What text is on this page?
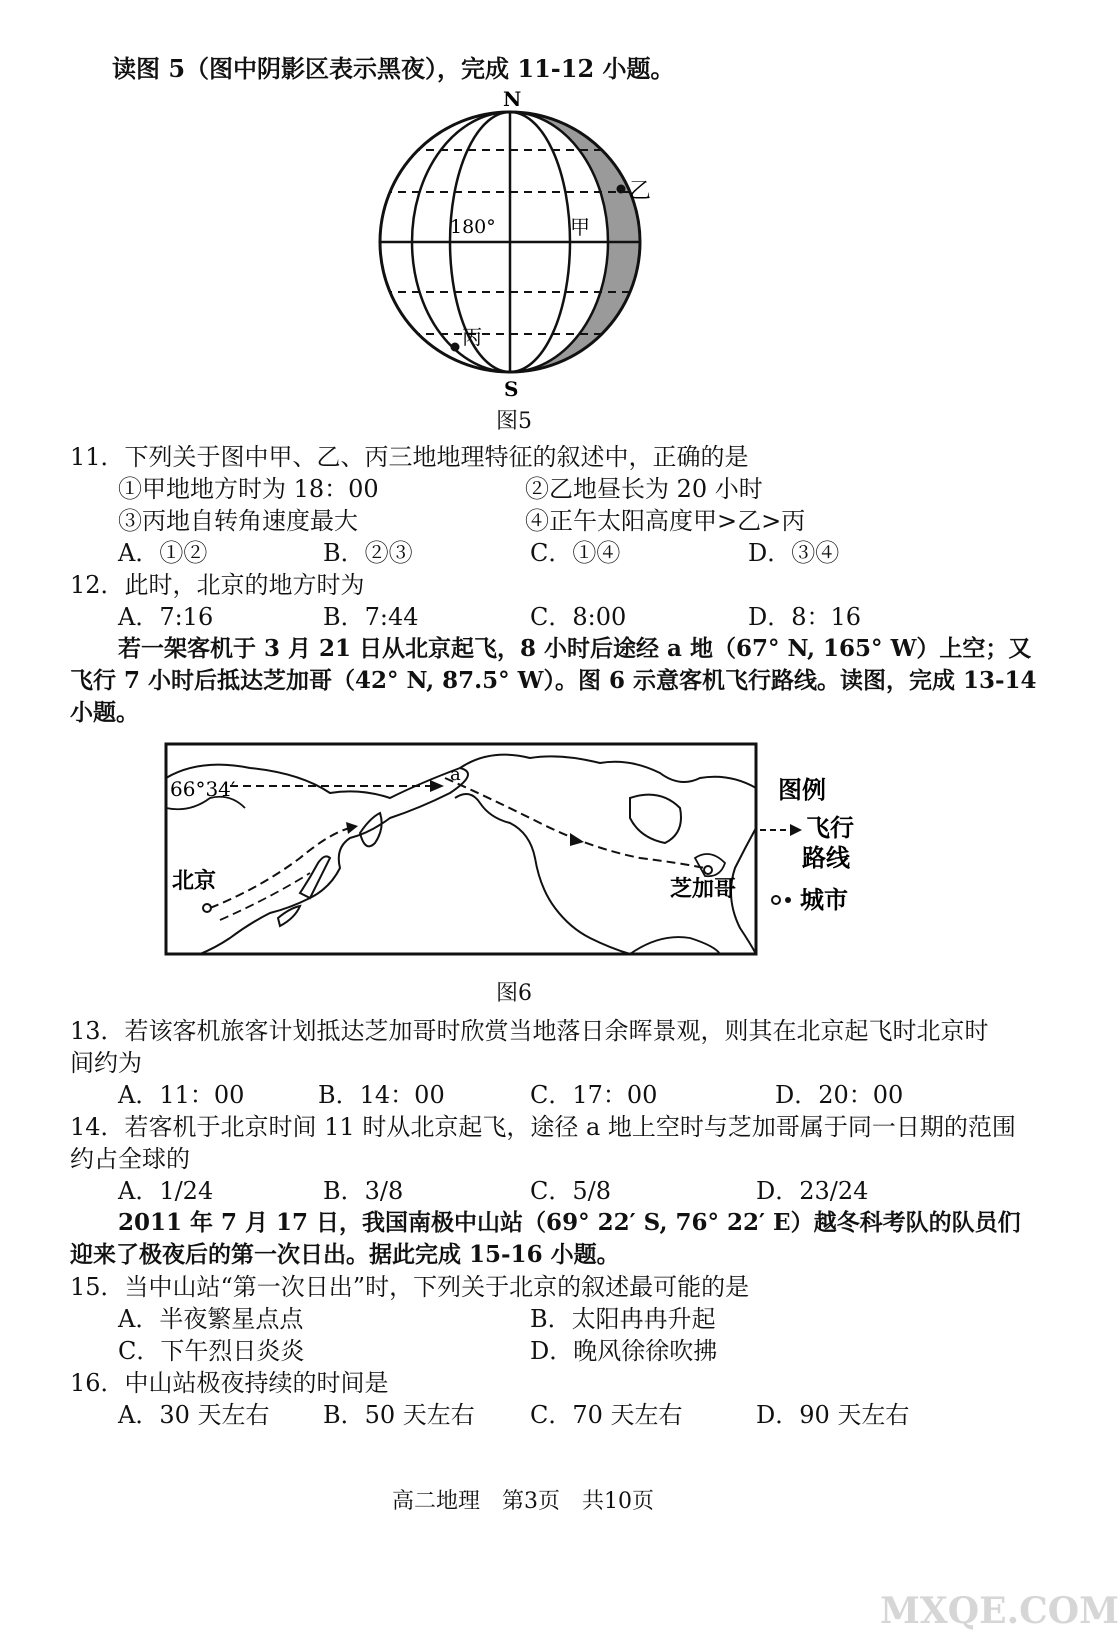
读图 5（图中阴影区表示黑夜），完成 11-12 小题。
N
S
180°	甲
乙
丙
图5
11．下列关于图中甲、乙、丙三地地理特征的叙述中，正确的是
①甲地地方时为 18：00	②乙地昼长为 20 小时
③丙地自转角速度最大	④正午太阳高度甲>乙>丙
A．①②	B．②③	C．①④	D．③④
12．此时，北京的地方时为
A．7:16	B．7:44	C．8:00	D．8：16
若一架客机于 3 月 21 日从北京起飞，8 小时后途经 a 地（67° N, 165° W）上空；又
飞行 7 小时后抵达芝加哥（42° N, 87.5° W）。图 6 示意客机飞行路线。读图，完成 13-14
小题。
66°34′
a
北京	芝加哥
图例
飞行
路线
城市
图6
13．若该客机旅客计划抵达芝加哥时欣赏当地落日余晖景观，则其在北京起飞时北京时
间约为
A．11：00	B．14：00	C．17：00	D．20：00
14．若客机于北京时间 11 时从北京起飞，途径 a 地上空时与芝加哥属于同一日期的范围
约占全球的
A．1/24	B．3/8	C．5/8	D．23/24
2011 年 7 月 17 日，我国南极中山站（69° 22′ S, 76° 22′ E）越冬科考队的队员们
迎来了极夜后的第一次日出。据此完成 15-16 小题。
15．当中山站“第一次日出”时，下列关于北京的叙述最可能的是
A．半夜繁星点点	B．太阳冉冉升起
C．下午烈日炎炎	D．晚风徐徐吹拂
16．中山站极夜持续的时间是
A．30 天左右 B．50 天左右 C．70 天左右	D．90 天左右
高二地理　第3页　共10页
MXQE.COM
